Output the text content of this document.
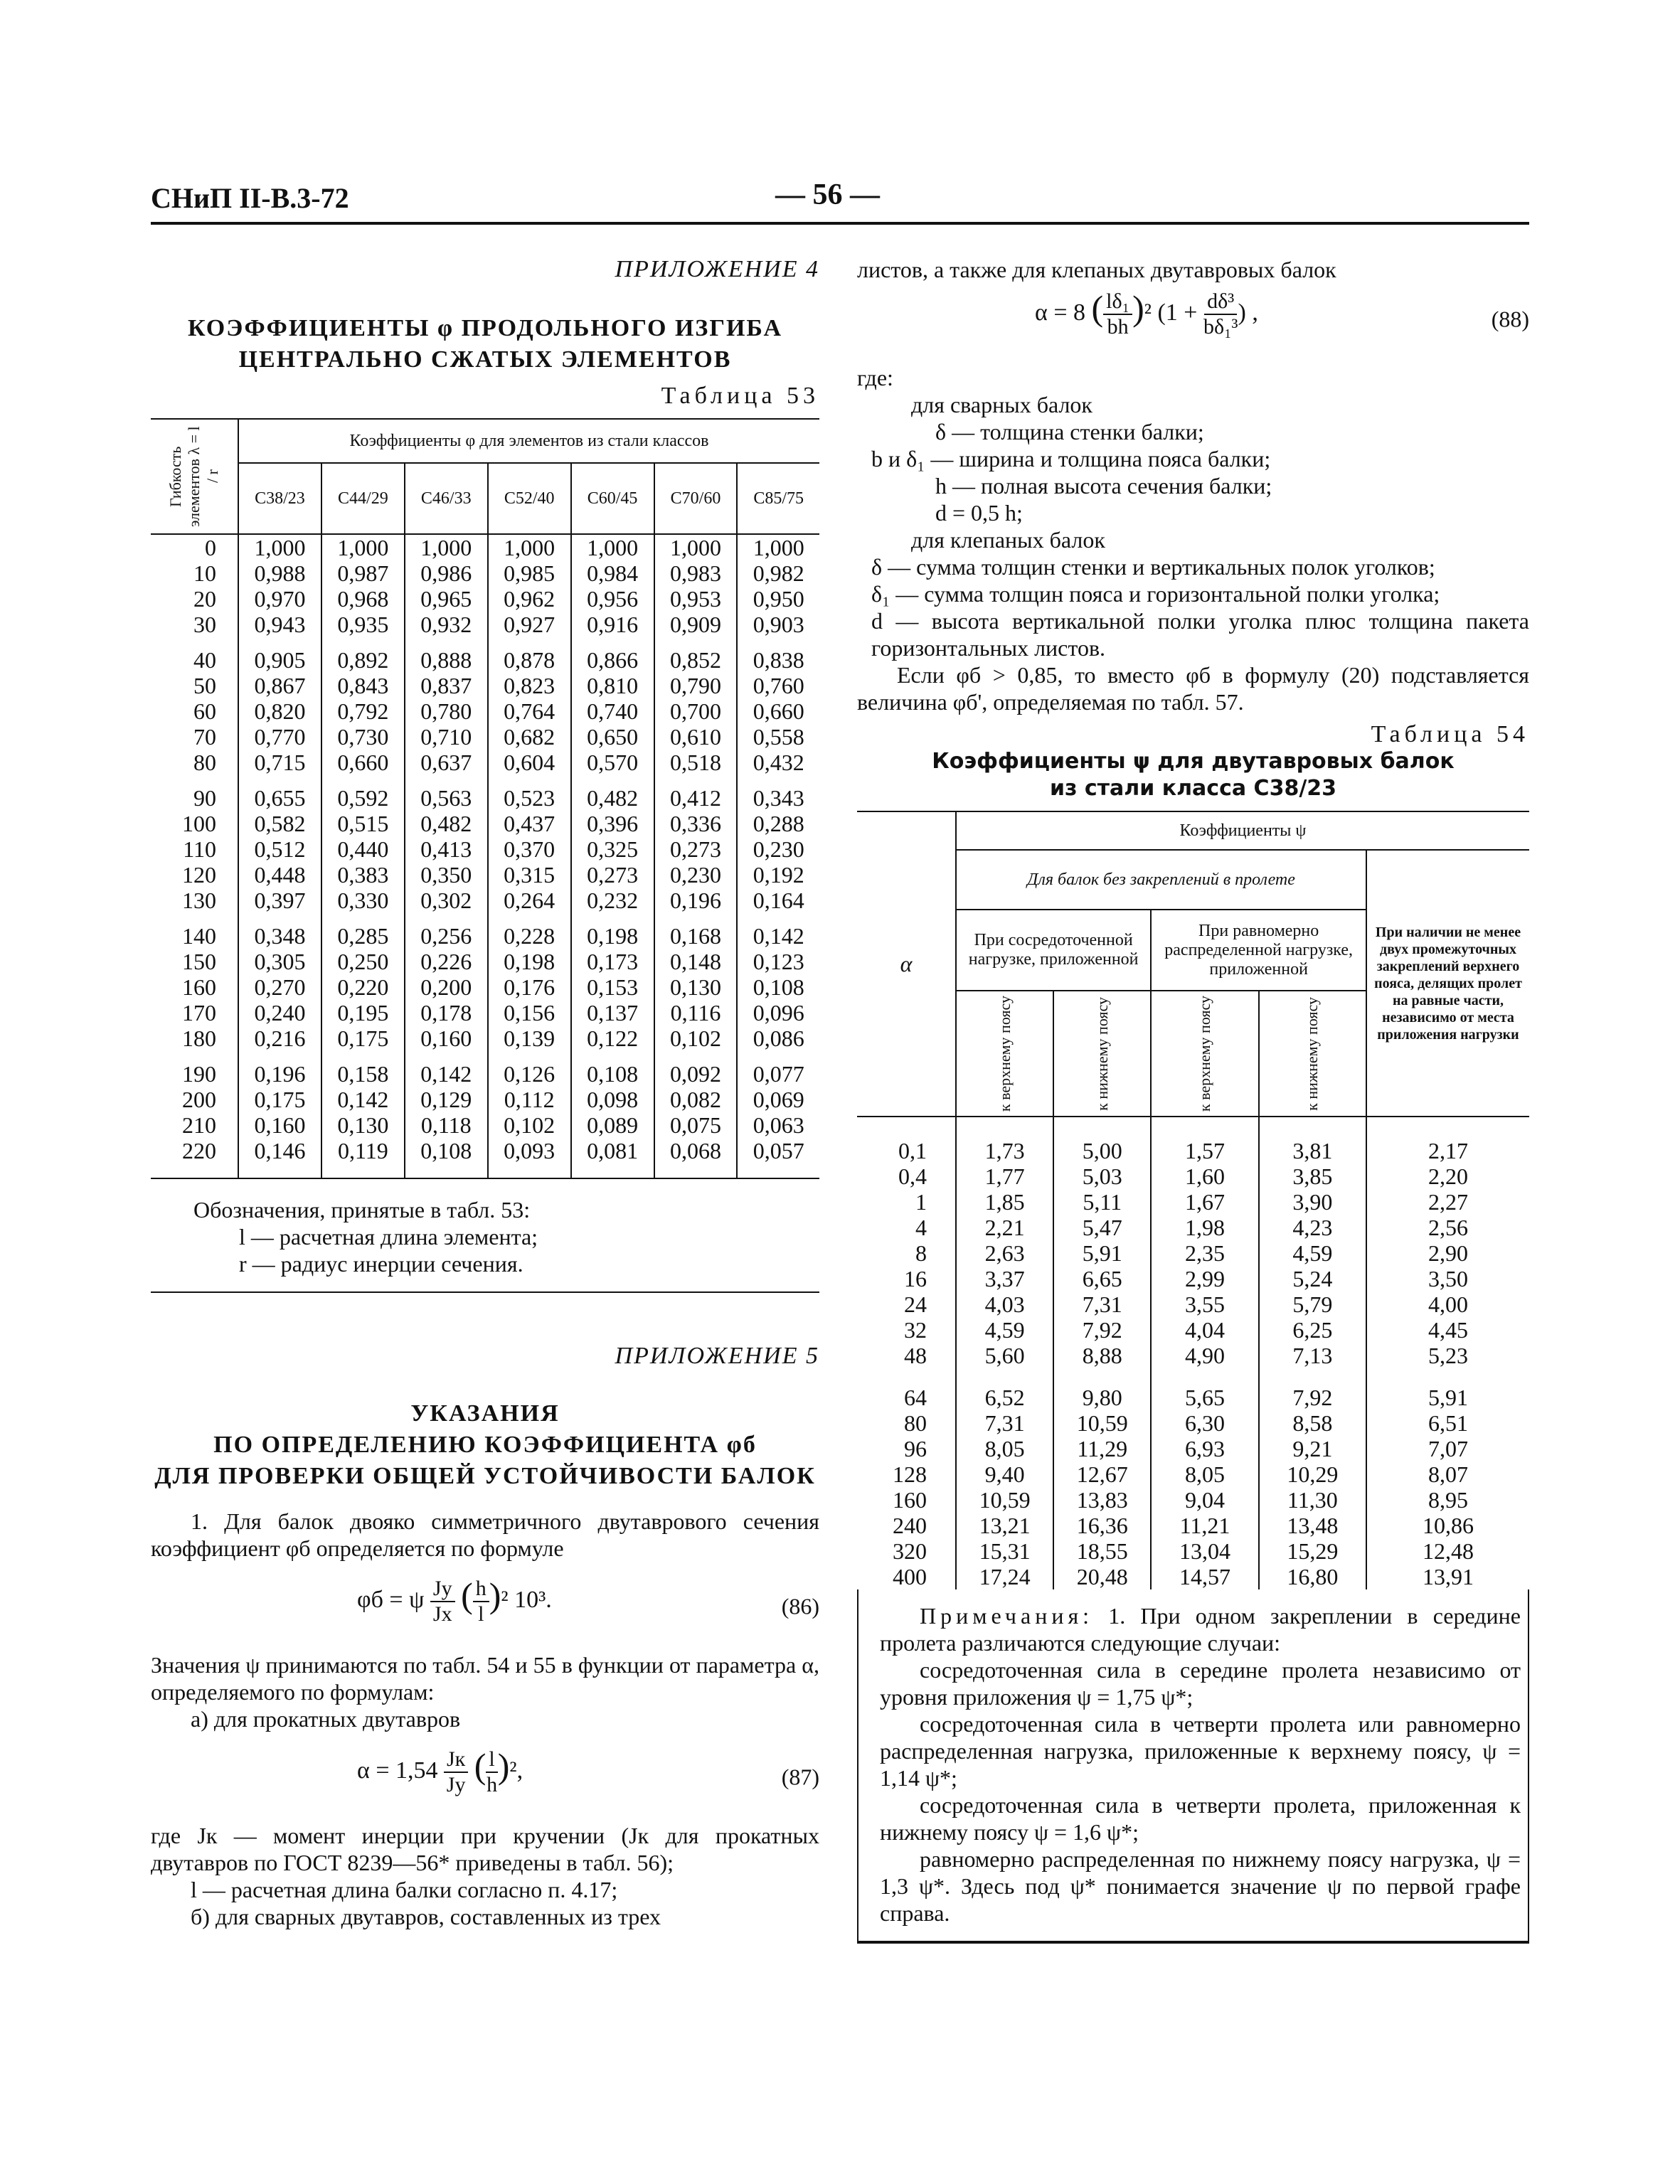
СНиП II-В.3-72	— 56 —
ПРИЛОЖЕНИЕ 4
КОЭФФИЦИЕНТЫ φ ПРОДОЛЬНОГО ИЗГИБА
ЦЕНТРАЛЬНО СЖАТЫХ ЭЛЕМЕНТОВ
Таблица 53
Гибкость элементов λ = l / r	Коэффициенты φ для элементов из стали классов						
	С38/23	С44/29	С46/33	С52/40	С60/45	С70/60	С85/75
0	1,000	1,000	1,000	1,000	1,000	1,000	1,000
10	0,988	0,987	0,986	0,985	0,984	0,983	0,982
20	0,970	0,968	0,965	0,962	0,956	0,953	0,950
30	0,943	0,935	0,932	0,927	0,916	0,909	0,903
40	0,905	0,892	0,888	0,878	0,866	0,852	0,838
50	0,867	0,843	0,837	0,823	0,810	0,790	0,760
60	0,820	0,792	0,780	0,764	0,740	0,700	0,660
70	0,770	0,730	0,710	0,682	0,650	0,610	0,558
80	0,715	0,660	0,637	0,604	0,570	0,518	0,432
90	0,655	0,592	0,563	0,523	0,482	0,412	0,343
100	0,582	0,515	0,482	0,437	0,396	0,336	0,288
110	0,512	0,440	0,413	0,370	0,325	0,273	0,230
120	0,448	0,383	0,350	0,315	0,273	0,230	0,192
130	0,397	0,330	0,302	0,264	0,232	0,196	0,164
140	0,348	0,285	0,256	0,228	0,198	0,168	0,142
150	0,305	0,250	0,226	0,198	0,173	0,148	0,123
160	0,270	0,220	0,200	0,176	0,153	0,130	0,108
170	0,240	0,195	0,178	0,156	0,137	0,116	0,096
180	0,216	0,175	0,160	0,139	0,122	0,102	0,086
190	0,196	0,158	0,142	0,126	0,108	0,092	0,077
200	0,175	0,142	0,129	0,112	0,098	0,082	0,069
210	0,160	0,130	0,118	0,102	0,089	0,075	0,063
220	0,146	0,119	0,108	0,093	0,081	0,068	0,057
Обозначения, принятые в табл. 53:
l — расчетная длина элемента;
r — радиус инерции сечения.
ПРИЛОЖЕНИЕ 5
УКАЗАНИЯ
ПО ОПРЕДЕЛЕНИЮ КОЭФФИЦИЕНТА φб
ДЛЯ ПРОВЕРКИ ОБЩЕЙ УСТОЙЧИВОСТИ БАЛОК

1. Для балок двояко симметричного двутаврового сечения коэффициент φб определяется по формуле

φб = ψ $\frac{Jy}{Jx}$ ( $\frac{h}{l} )^2$ 10³.	(86)

Значения ψ принимаются по табл. 54 и 55 в функции от параметра α, определяемого по формулам:

а) для прокатных двутавров

$\alpha = 1,54 \frac{Jк}{Jy}$ ( $\frac{l}{h} )^2$,	(87)

где Jк — момент инерции при кручении (Jк для прокатных двутавров по ГОСТ 8239—56* приведены в табл. 56);

l — расчетная длина балки согласно п. 4.17;

б) для сварных двутавров, составленных из трех

листов, а также для клепаных двутавровых балок

α = 8 ( $\frac{\text{lδ₁}}{bh} )^2$ ($1 + \frac{\text{dδ³}}{\text{bδ₁³}}$ ) ,	(88)

где:

для сварных балок
δ — толщина стенки балки;
b и δ₁ — ширина и толщина пояса балки;
h — полная высота сечения балки;
d = 0,5 h;
для клепаных балок
δ — сумма толщин стенки и вертикальных полок уголков;
δ₁ — сумма толщин пояса и горизонтальной полки уголка;
d — высота вертикальной полки уголка плюс толщина пакета горизонтальных листов.

Если φб > 0,85, то вместо φб в формулу (20) подставляется величина φб', определяемая по табл. 57.

Таблица 54
Коэффициенты ψ для двутавровых балок
из стали класса С38/23
α	Коэффициенты ψ				
	Для балок без закреплений в пролете				При наличии не менее двух промежуточных закреплений верхнего пояса, делящих пролет на равные части, независимо от места приложения нагрузки
	При сосредоточенной нагрузке, приложенной		При равномерно распределенной нагрузке, приложенной		

	к верхнему поясу	к нижнему поясу	к верхнему поясу	к нижнему поясу	

0,1	1,73	5,00	1,57	3,81	2,17
0,4	1,77	5,03	1,60	3,85	2,20
1	1,85	5,11	1,67	3,90	2,27
4	2,21	5,47	1,98	4,23	2,56
8	2,63	5,91	2,35	4,59	2,90
16	3,37	6,65	2,99	5,24	3,50
24	4,03	7,31	3,55	5,79	4,00
32	4,59	7,92	4,04	6,25	4,45
48	5,60	8,88	4,90	7,13	5,23
64	6,52	9,80	5,65	7,92	5,91
80	7,31	10,59	6,30	8,58	6,51
96	8,05	11,29	6,93	9,21	7,07
128	9,40	12,67	8,05	10,29	8,07
160	10,59	13,83	9,04	11,30	8,95
240	13,21	16,36	11,21	13,48	10,86
320	15,31	18,55	13,04	15,29	12,48
400	17,24	20,48	14,57	16,80	13,91
Примечания: 1. При одном закреплении в середине пролета различаются следующие случаи:
сосредоточенная сила в середине пролета независимо от уровня приложения ψ = 1,75 ψ*;
сосредоточенная сила в четверти пролета или равномерно распределенная нагрузка, приложенные к верхнему поясу, ψ = 1,14 ψ*;
сосредоточенная сила в четверти пролета, приложенная к нижнему поясу ψ = 1,6 ψ*;
равномерно распределенная по нижнему поясу нагрузка, ψ = 1,3 ψ*. Здесь под ψ* понимается значение ψ по первой графе справа.
